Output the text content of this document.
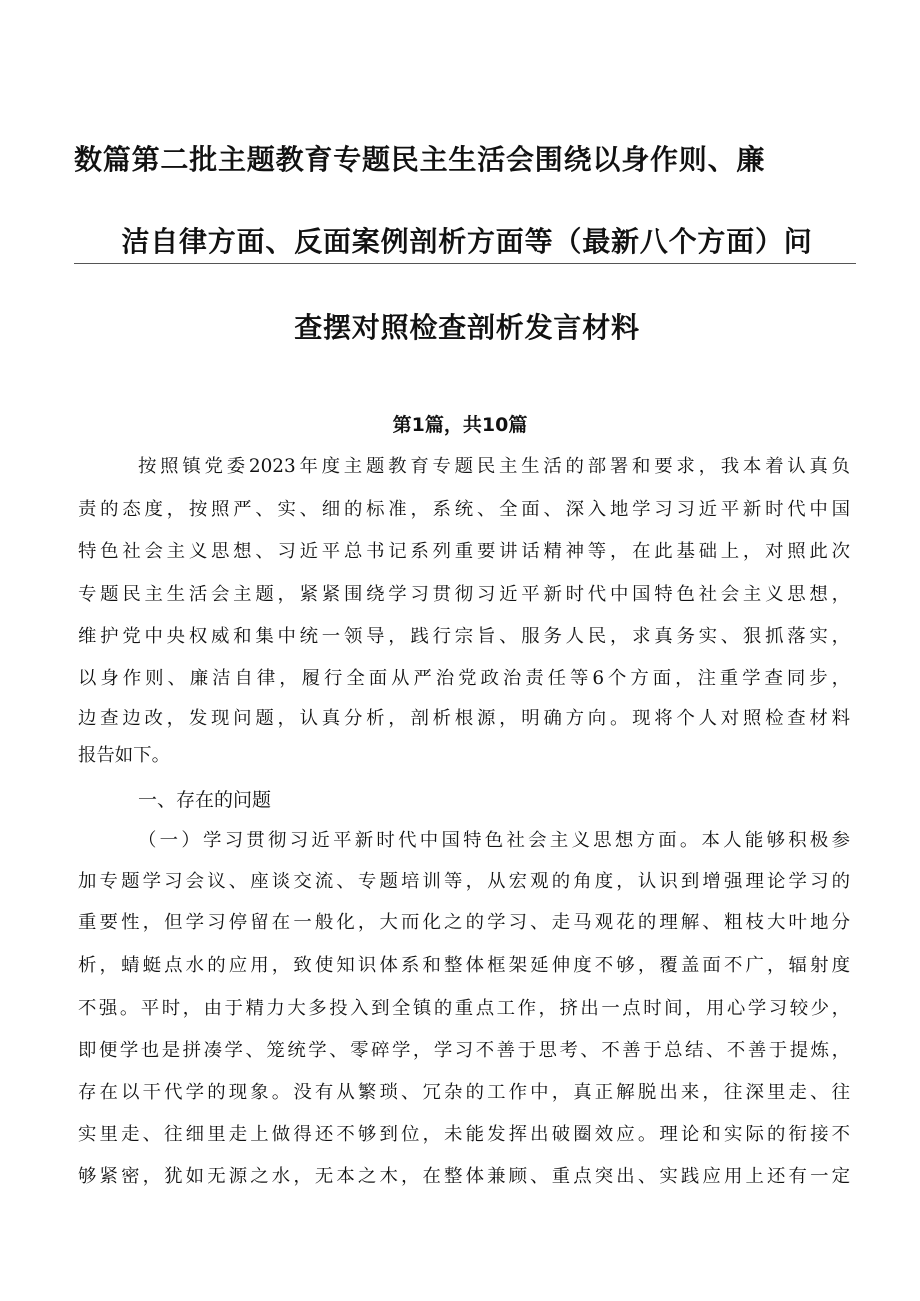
数篇第二批主题教育专题民主生活会围绕以身作则、廉
洁自律方面、反面案例剖析方面等（最新八个方面）问
查摆对照检查剖析发言材料
第1篇，共10篇
按照镇党委2023年度主题教育专题民主生活的部署和要求，我本着认真负
责的态度，按照严、实、细的标准，系统、全面、深入地学习习近平新时代中国
特色社会主义思想、习近平总书记系列重要讲话精神等，在此基础上，对照此次
专题民主生活会主题，紧紧围绕学习贯彻习近平新时代中国特色社会主义思想，
维护党中央权威和集中统一领导，践行宗旨、服务人民，求真务实、狠抓落实，
以身作则、廉洁自律，履行全面从严治党政治责任等6个方面，注重学查同步，
边查边改，发现问题，认真分析，剖析根源，明确方向。现将个人对照检查材料
报告如下。
一、存在的问题
（一）学习贯彻习近平新时代中国特色社会主义思想方面。本人能够积极参
加专题学习会议、座谈交流、专题培训等，从宏观的角度，认识到增强理论学习的
重要性，但学习停留在一般化，大而化之的学习、走马观花的理解、粗枝大叶地分
析，蜻蜓点水的应用，致使知识体系和整体框架延伸度不够，覆盖面不广，辐射度
不强。平时，由于精力大多投入到全镇的重点工作，挤出一点时间，用心学习较少，
即便学也是拼凑学、笼统学、零碎学，学习不善于思考、不善于总结、不善于提炼，
存在以干代学的现象。没有从繁琐、冗杂的工作中，真正解脱出来，往深里走、往
实里走、往细里走上做得还不够到位，未能发挥出破圈效应。理论和实际的衔接不
够紧密，犹如无源之水，无本之木，在整体兼顾、重点突出、实践应用上还有一定
